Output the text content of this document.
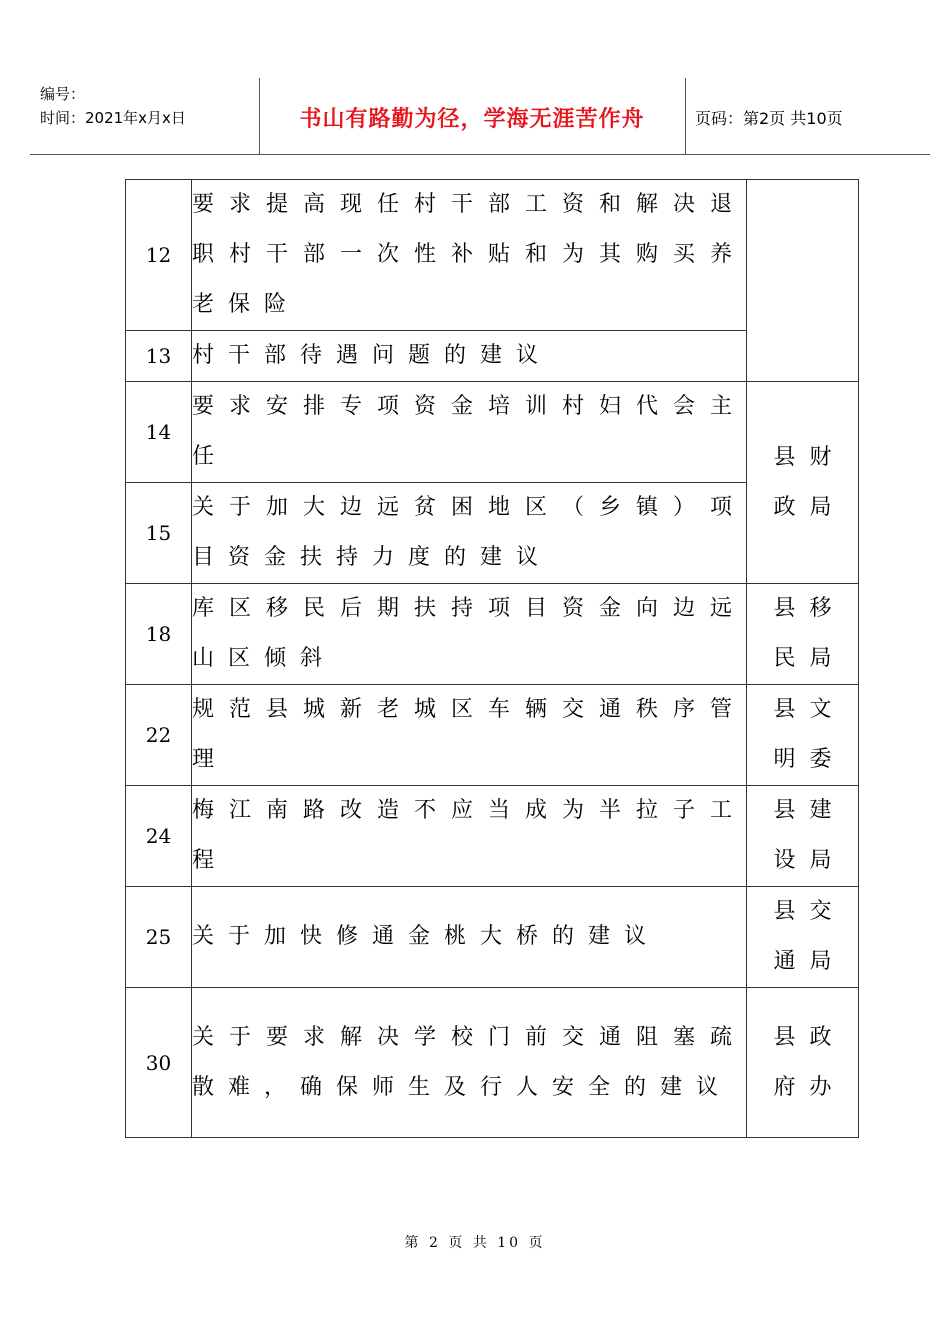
编号：
时间：2021年x月x日	书山有路勤为径，学海无涯苦作舟	页码：第2页 共10页
12	要求提高现任村干部工资和解决退职村干部一次性补贴和为其购买养老保险	

13	村干部待遇问题的建议	

14	要求安排专项资金培训村妇代会主任	县财
政局

15	关于加大边远贫困地区（乡镇）项目资金扶持力度的建议	

18	库区移民后期扶持项目资金向边远山区倾斜	县移
民局

22	规范县城新老城区车辆交通秩序管理	县文
明委

24	梅江南路改造不应当成为半拉子工程	县建
设局

25	关于加快修通金桃大桥的建议	县交
通局

30	关于要求解决学校门前交通阻塞疏散难，确保师生及行人安全的建议	县政
府办
第 2 页 共 10 页
